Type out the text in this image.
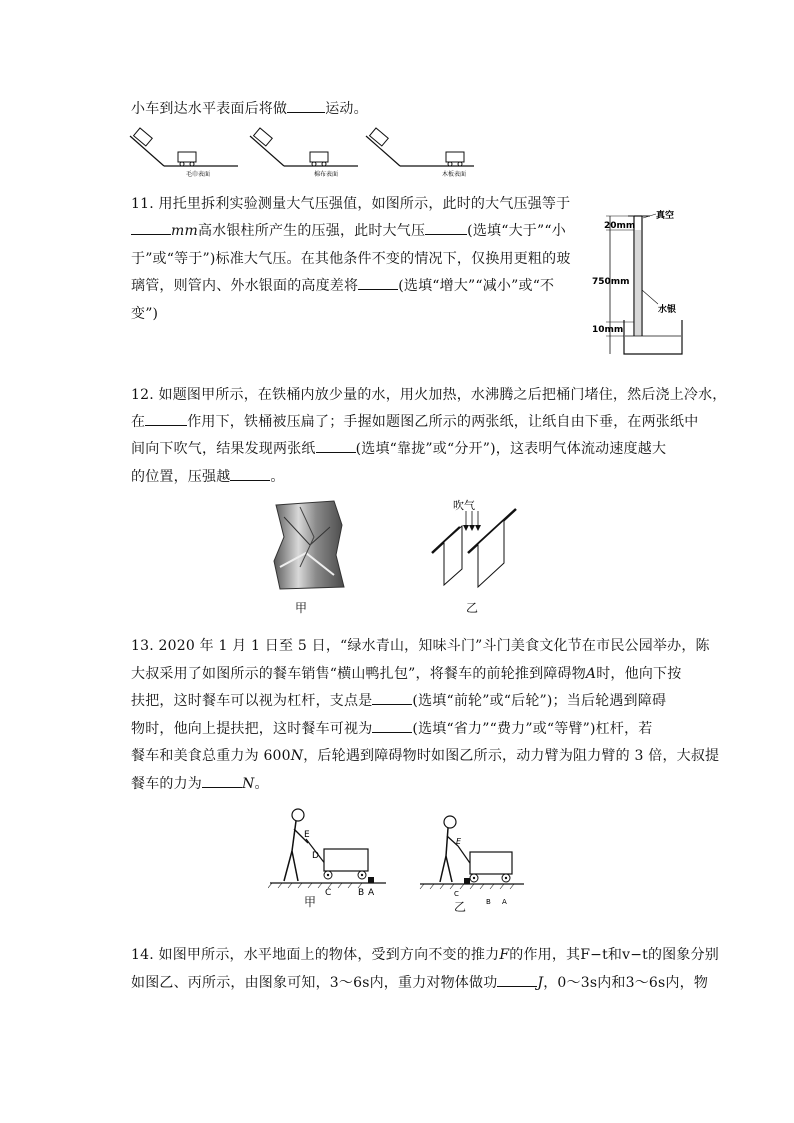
小车到达水平表面后将做	运动。
毛巾表面	棉布表面	木板表面
11. 用托里拆利实验测量大气压强值，如图所示，此时的大气压强等于
mm高水银柱所产生的压强，此时大气压	(选填“大于”“小
于”或“等于”)标准大气压。在其他条件不变的情况下，仅换用更粗的玻
璃管，则管内、外水银面的高度差将	(选填“增大”“减小”或“不
变”)
20mm
750mm
10mm
真空
水银
12. 如题图甲所示，在铁桶内放少量的水，用火加热，水沸腾之后把桶门堵住，然后浇上冷水，
在	作用下，铁桶被压扁了；手握如题图乙所示的两张纸，让纸自由下垂，在两张纸中
间向下吹气，结果发现两张纸	(选填“靠拢”或“分开”)，这表明气体流动速度越大
的位置，压强越	。
甲
吹气
乙
13. 2020 年 1 月 1 日至 5 日，“绿水青山，知味斗门”斗门美食文化节在市民公园举办，陈
大叔采用了如图所示的餐车销售“横山鸭扎包”，将餐车的前轮推到障碍物A时，他向下按
扶把，这时餐车可以视为杠杆，支点是	(选填“前轮”或“后轮”)；当后轮遇到障碍
物时，他向上提扶把，这时餐车可视为	(选填“省力”“费力”或“等臂”)杠杆，若
餐车和美食总重力为 600N，后轮遇到障碍物时如图乙所示，动力臂为阻力臂的 3 倍，大叔提
餐车的力为	N。
E
D
C	B A
甲
E
C
B A
乙
14. 如图甲所示，水平地面上的物体，受到方向不变的推力F的作用，其F−t和v−t的图象分别
如图乙、丙所示，由图象可知，3～6s内，重力对物体做功	J，0～3s内和3～6s内，物
